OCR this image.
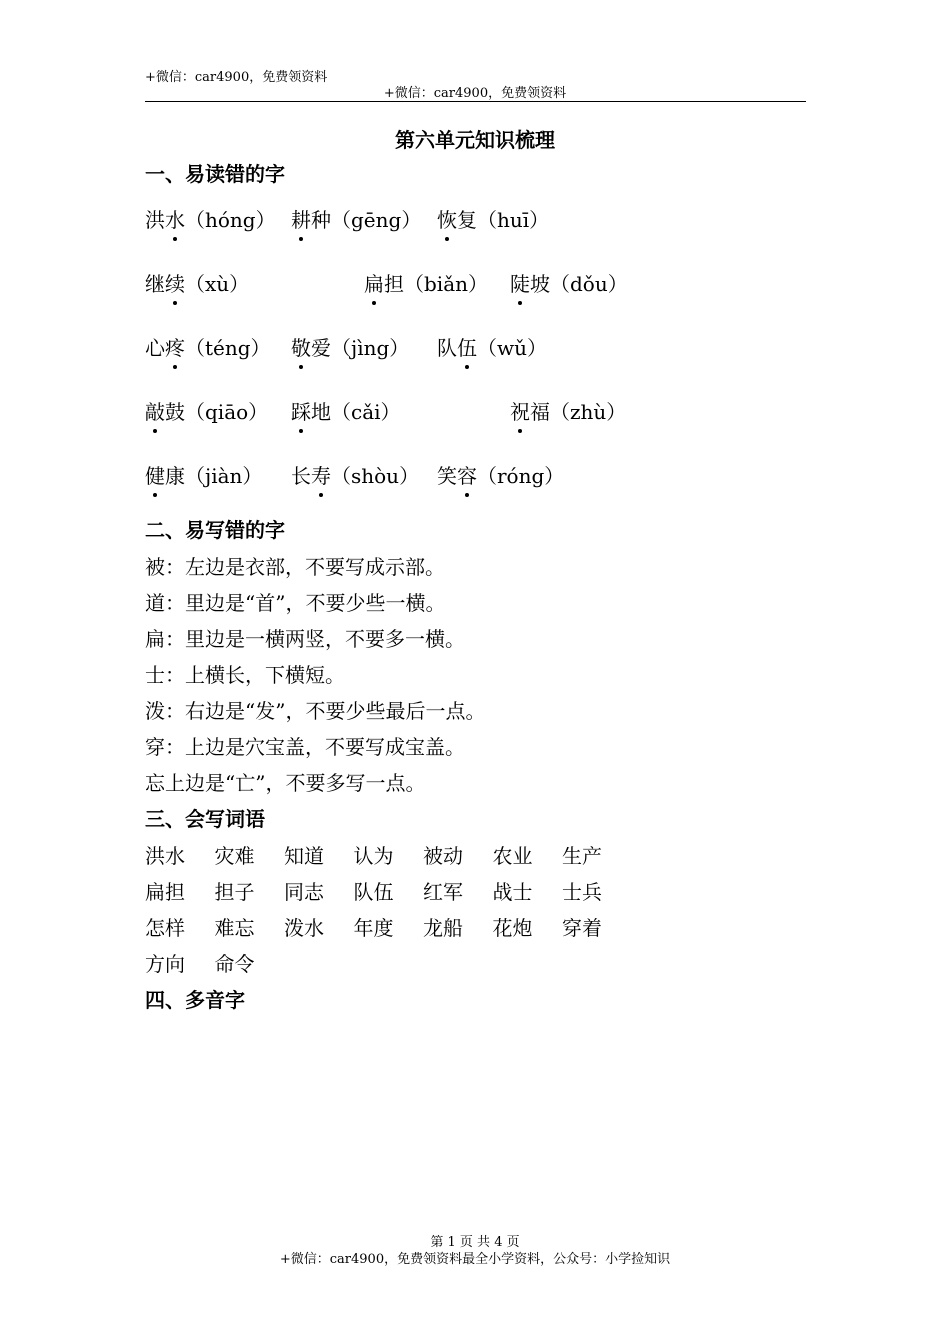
+微信：car4900，免费领资料
+微信：car4900，免费领资料
第六单元知识梳理
一、易读错的字
洪水（hóng） 耕种（gēng） 恢复（huī）
继续（xù）	扁担（biǎn） 陡坡（dǒu）
心疼（téng） 敬爱（jìng） 队伍（wǔ）
敲鼓（qiāo） 踩地（cǎi）	祝福（zhù）
健康（jiàn） 长寿（shòu） 笑容（róng）
二、易写错的字
被：左边是衣部，不要写成示部。
道：里边是“首”，不要少些一横。
扁：里边是一横两竖，不要多一横。
士：上横长，下横短。
泼：右边是“发”，不要少些最后一点。
穿：上边是穴宝盖，不要写成宝盖。
忘上边是“亡”，不要多写一点。
三、会写词语
洪水 灾难 知道 认为 被动 农业 生产
扁担 担子 同志 队伍 红军 战士 士兵
怎样 难忘 泼水 年度 龙船 花炮 穿着
方向 命令
四、多音字
第 1 页 共 4 页
+微信：car4900，免费领资料最全小学资料，公众号：小学捡知识
